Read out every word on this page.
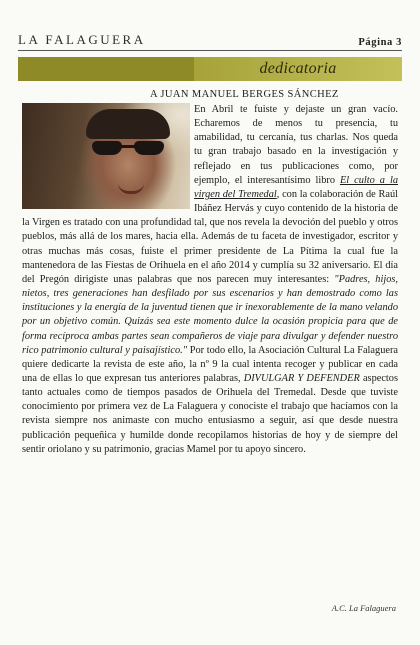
LA FALAGUERA	Página 3
dedicatoria
A JUAN MANUEL BERGES SÁNCHEZ

En Abril te fuiste y dejaste un gran vacío. Echaremos de menos tu presencia, tu amabilidad, tu cercanía, tus charlas. Nos queda tu gran trabajo basado en la investigación y reflejado en tus publicaciones como, por ejemplo, el interesantísimo libro El culto a la virgen del Tremedal, con la colaboración de Raúl Ibáñez Hervás y cuyo contenido de la historia de la Virgen es tratado con una profundidad tal, que nos revela la devoción del pueblo y otros pueblos, más allá de los mares, hacia ella. Además de tu faceta de investigador, escritor y otras muchas más cosas, fuiste el primer presidente de La Pítima la cual fue la mantenedora de las Fiestas de Orihuela en el año 2014 y cumplía su 32 aniversario. El día del Pregón dirigiste unas palabras que nos parecen muy interesantes: "Padres, hijos, nietos, tres generaciones han desfilado por sus escenarios y han demostrado como las instituciones y la energía de la juventud tienen que ir inexorablemente de la mano velando por un objetivo común. Quizás sea este momento dulce la ocasión propicia para que de forma recíproca ambas partes sean compañeros de viaje para divulgar y defender nuestro rico patrimonio cultural y paisajístico." Por todo ello, la Asociación Cultural La Falaguera quiere dedicarte la revista de este año, la nº 9 la cual intenta recoger y publicar en cada una de ellas lo que expresan tus anteriores palabras, DIVULGAR Y DEFENDER aspectos tanto actuales como de tiempos pasados de Orihuela del Tremedal. Desde que tuviste conocimiento por primera vez de La Falaguera y conociste el trabajo que hacíamos con la revista siempre nos animaste con mucho entusiasmo a seguir, así que desde nuestra publicación pequeñica y humilde donde recopilamos historias de hoy y de siempre del sentir oriolano y su patrimonio, gracias Mamel por tu apoyo sincero.

A.C. La Falaguera
